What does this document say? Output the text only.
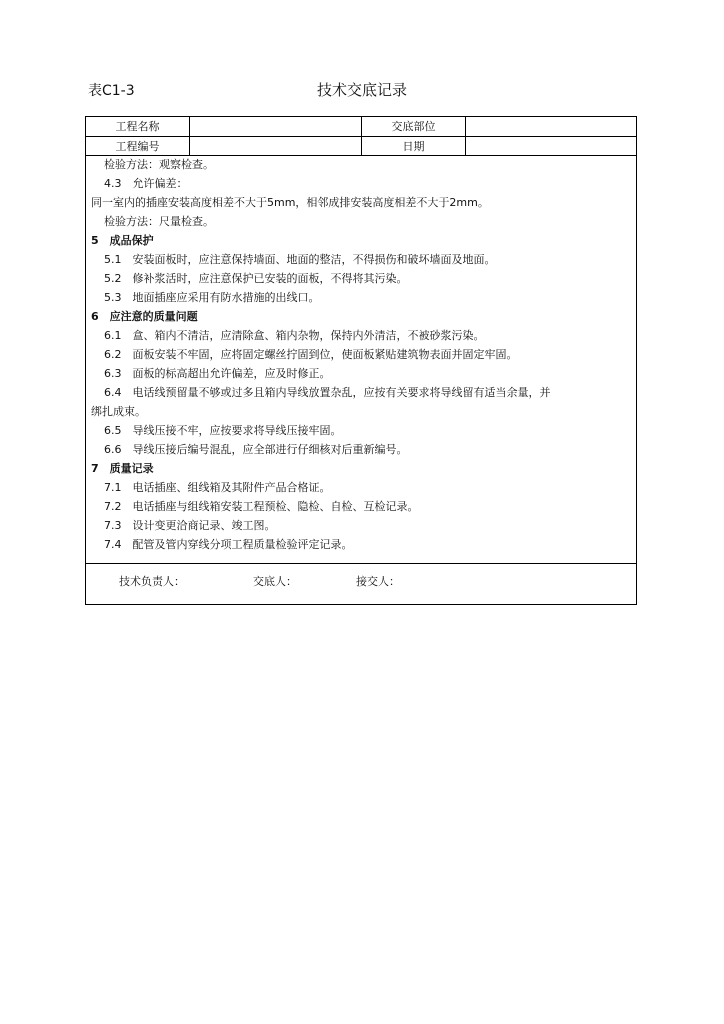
表C1-3	技术交底记录
工程名称	交底部位
工程编号	日期
检验方法：观察检查。
4.3　允许偏差：
同一室内的插座安装高度相差不大于5mm，相邻成排安装高度相差不大于2mm。
检验方法：尺量检查。
5　成品保护
5.1　安装面板时，应注意保持墙面、地面的整洁，不得损伤和破坏墙面及地面。
5.2　修补浆活时，应注意保护已安装的面板，不得将其污染。
5.3　地面插座应采用有防水措施的出线口。
6　应注意的质量问题
6.1　盒、箱内不清洁，应清除盒、箱内杂物，保持内外清洁，不被砂浆污染。
6.2　面板安装不牢固，应将固定螺丝拧固到位，使面板紧贴建筑物表面并固定牢固。
6.3　面板的标高超出允许偏差，应及时修正。
6.4　电话线预留量不够或过多且箱内导线放置杂乱，应按有关要求将导线留有适当余量，并
绑扎成束。
6.5　导线压接不牢，应按要求将导线压接牢固。
6.6　导线压接后编号混乱，应全部进行仔细核对后重新编号。
7　质量记录
7.1　电话插座、组线箱及其附件产品合格证。
7.2　电话插座与组线箱安装工程预检、隐检、自检、互检记录。
7.3　设计变更洽商记录、竣工图。
7.4　配管及管内穿线分项工程质量检验评定记录。
技术负责人：	交底人：	接交人：
